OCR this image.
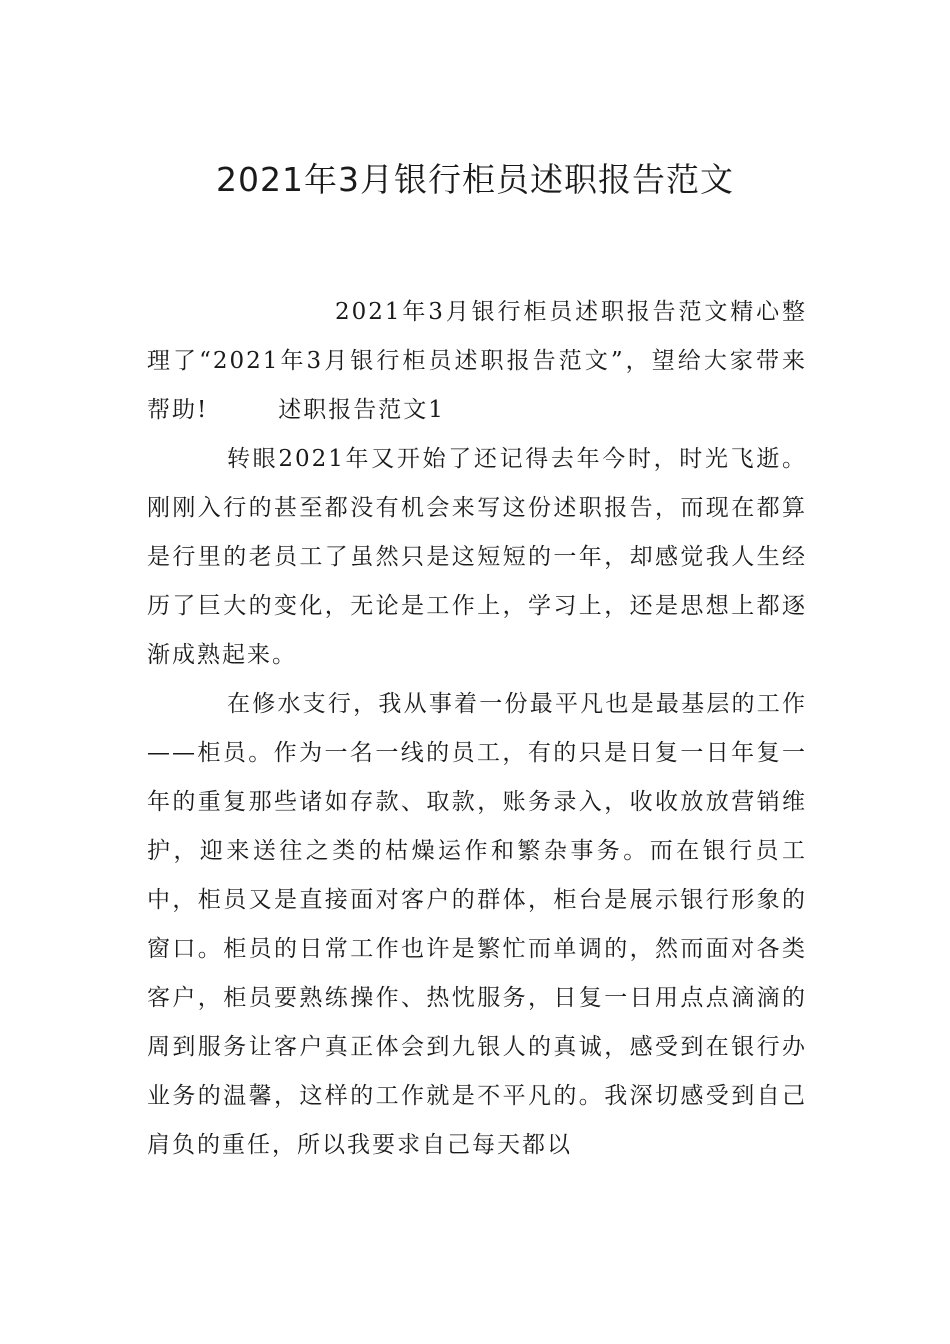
2021年3月银行柜员述职报告范文

2021年3月银行柜员述职报告范文精心整理了“2021年3月银行柜员述职报告范文”，望给大家带来帮助!	述职报告范文1

转眼2021年又开始了还记得去年今时，时光飞逝。刚刚入行的甚至都没有机会来写这份述职报告，而现在都算是行里的老员工了虽然只是这短短的一年，却感觉我人生经历了巨大的变化，无论是工作上，学习上，还是思想上都逐渐成熟起来。

在修水支行，我从事着一份最平凡也是最基层的工作——柜员。作为一名一线的员工，有的只是日复一日年复一年的重复那些诸如存款、取款，账务录入，收收放放营销维护，迎来送往之类的枯燥运作和繁杂事务。而在银行员工中，柜员又是直接面对客户的群体，柜台是展示银行形象的窗口。柜员的日常工作也许是繁忙而单调的，然而面对各类客户，柜员要熟练操作、热忱服务，日复一日用点点滴滴的周到服务让客户真正体会到九银人的真诚，感受到在银行办业务的温馨，这样的工作就是不平凡的。我深切感受到自己肩负的重任，所以我要求自己每天都以
